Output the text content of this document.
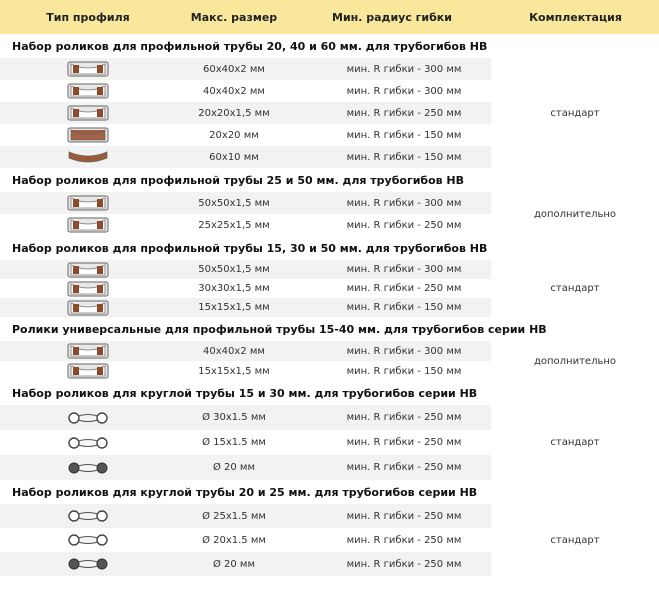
Тип профиля	Макс. размер	Мин. радиус гибки	Комплектация
Набор роликов для профильной трубы 20, 40 и 60 мм. для трубогибов НВ
60x40x2 мм	мин. R гибки - 300 мм
40x40x2 мм	мин. R гибки - 300 мм
20x20x1,5 мм	мин. R гибки - 250 мм
20x20 мм	мин. R гибки - 150 мм
60x10 мм	мин. R гибки - 150 мм
стандарт
Набор роликов для профильной трубы 25 и 50 мм. для трубогибов НВ
50x50x1,5 мм	мин. R гибки - 300 мм
25x25x1,5 мм	мин. R гибки - 250 мм
дополнительно
Набор роликов для профильной трубы 15, 30 и 50 мм. для трубогибов НВ
50x50x1,5 мм	мин. R гибки - 300 мм
30x30x1,5 мм	мин. R гибки - 250 мм
15x15x1,5 мм	мин. R гибки - 150 мм
стандарт
Ролики универсальные для профильной трубы 15-40 мм. для трубогибов серии НВ
40x40x2 мм	мин. R гибки - 300 мм
15x15x1,5 мм	мин. R гибки - 150 мм
дополнительно
Набор роликов для круглой трубы 15 и 30 мм. для трубогибов серии НВ
Ø 30x1.5 мм	мин. R гибки - 250 мм
Ø 15x1.5 мм	мин. R гибки - 250 мм
Ø 20 мм	мин. R гибки - 250 мм
стандарт
Набор роликов для круглой трубы 20 и 25 мм. для трубогибов серии НВ
Ø 25x1.5 мм	мин. R гибки - 250 мм
Ø 20x1.5 мм	мин. R гибки - 250 мм
Ø 20 мм	мин. R гибки - 250 мм
стандарт
